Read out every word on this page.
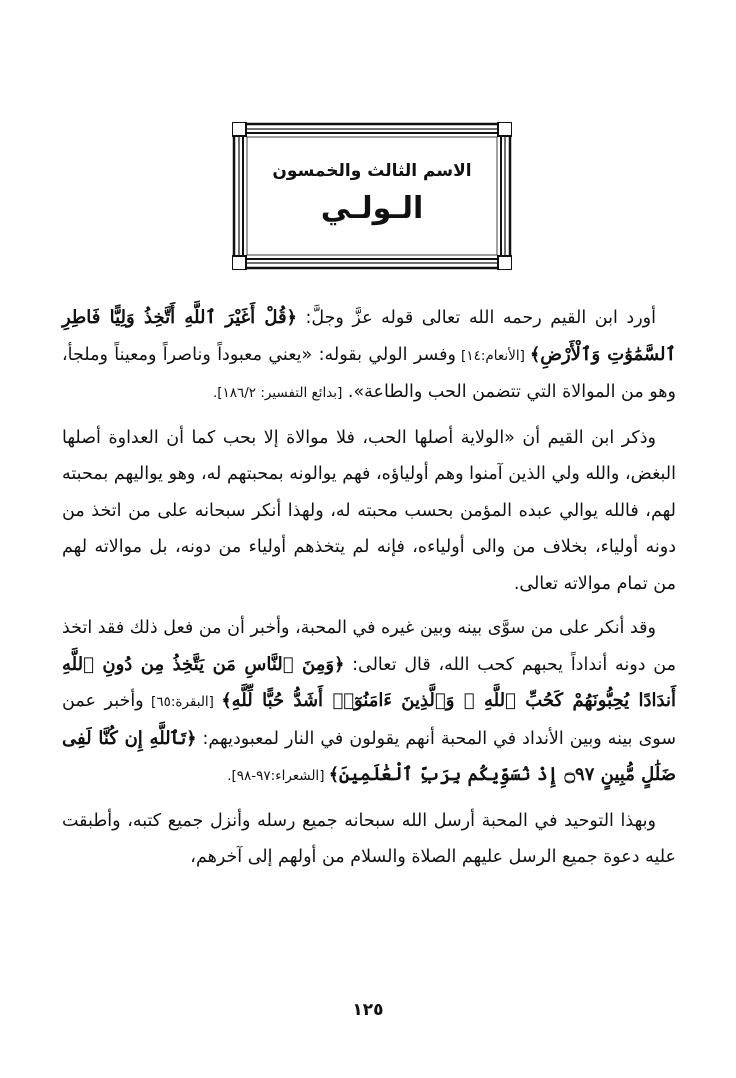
الاسم الثالث والخمسون
الـولـي

أورد ابن القيم رحمه الله تعالى قوله عزَّ وجلَّ: ﴿قُلْ أَغَيْرَ ٱللَّهِ أَتَّخِذُ وَلِيًّا فَاطِرِ ٱلسَّمَٰوَٰتِ وَٱلْأَرْضِ﴾ [الأنعام:١٤] وفسر الولي بقوله: «يعني معبوداً وناصراً ومعيناً وملجأ، وهو من الموالاة التي تتضمن الحب والطاعة». [بدائع التفسير: ١٨٦/٢].

وذكر ابن القيم أن «الولاية أصلها الحب، فلا موالاة إلا بحب كما أن العداوة أصلها البغض، والله ولي الذين آمنوا وهم أولياؤه، فهم يوالونه بمحبتهم له، وهو يواليهم بمحبته لهم، فالله يوالي عبده المؤمن بحسب محبته له، ولهذا أنكر سبحانه على من اتخذ من دونه أولياء، بخلاف من والى أولياءه، فإنه لم يتخذهم أولياء من دونه، بل موالاته لهم من تمام موالاته تعالى.

وقد أنكر على من سوَّى بينه وبين غيره في المحبة، وأخبر أن من فعل ذلك فقد اتخذ من دونه أنداداً يحبهم كحب الله، قال تعالى: ﴿وَمِنَ ٱلنَّاسِ مَن يَتَّخِذُ مِن دُونِ ٱللَّهِ أَندَادًا يُحِبُّونَهُمْ كَحُبِّ ٱللَّهِ ۖ وَٱلَّذِينَ ءَامَنُوٓا۟ أَشَدُّ حُبًّا لِّلَّهِ﴾ [البقرة:٦٥] وأخبر عمن سوى بينه وبين الأنداد في المحبة أنهم يقولون في النار لمعبوديهم: ﴿تَٱللَّهِ إِن كُنَّا لَفِى ضَلَٰلٍ مُّبِينٍ ۝٩٧ إِذْ نُسَوِّيكُم بِرَبِّ ٱلْعَٰلَمِينَ﴾ [الشعراء:٩٧-٩٨].

وبهذا التوحيد في المحبة أرسل الله سبحانه جميع رسله وأنزل جميع كتبه، وأطبقت عليه دعوة جميع الرسل عليهم الصلاة والسلام من أولهم إلى آخرهم،

١٢٥
